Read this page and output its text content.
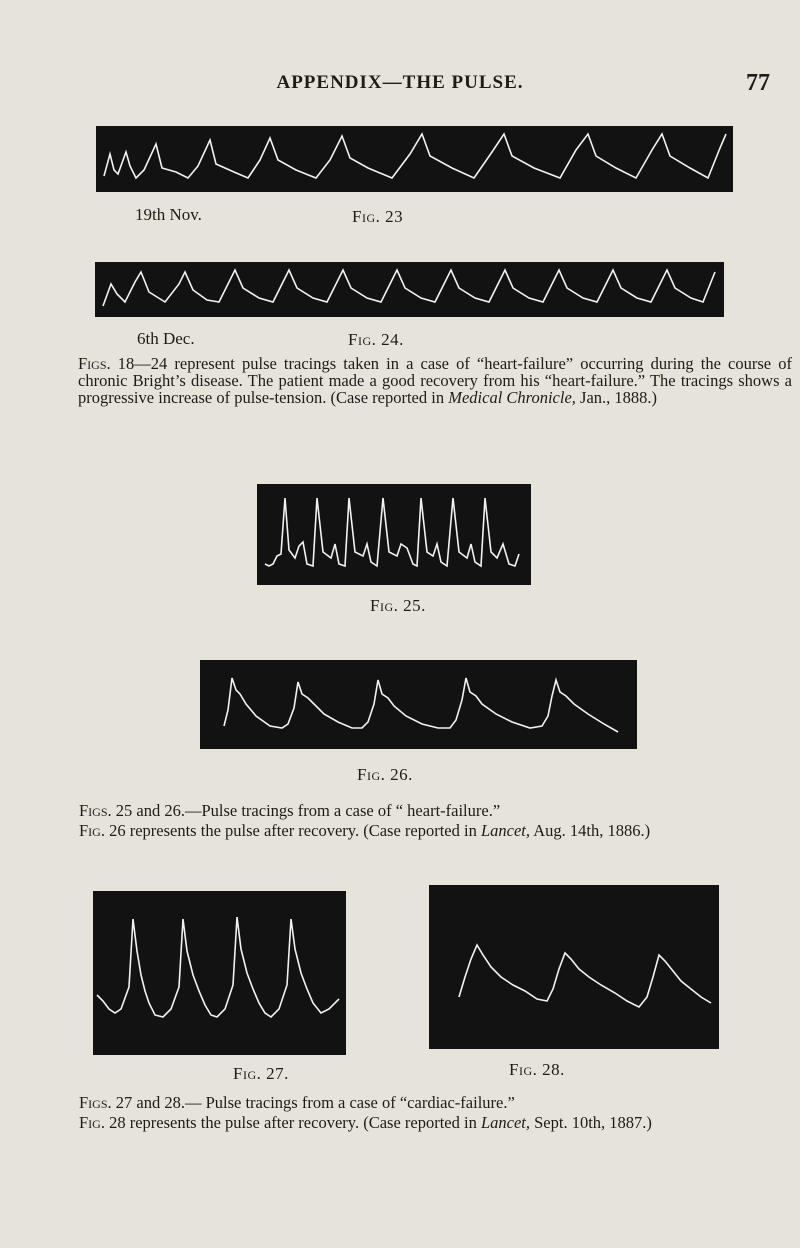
APPENDIX—THE PULSE.	77
19th Nov.	Fig. 23
6th Dec.	Fig. 24.
Figs. 18—24 represent pulse tracings taken in a case of “heart-failure” occurring during the course of chronic Bright’s disease. The patient made a good recovery from his “heart-failure.” The tracings shows a progressive increase of pulse-tension. (Case reported in Medical Chronicle, Jan., 1888.)
Fig. 25.
Fig. 26.
Figs. 25 and 26.—Pulse tracings from a case of “ heart-failure.”
Fig. 26 represents the pulse after recovery. (Case reported in Lancet, Aug. 14th, 1886.)
Fig. 27.	Fig. 28.
Figs. 27 and 28.— Pulse tracings from a case of “cardiac-failure.”
Fig. 28 represents the pulse after recovery. (Case reported in Lancet, Sept. 10th, 1887.)
